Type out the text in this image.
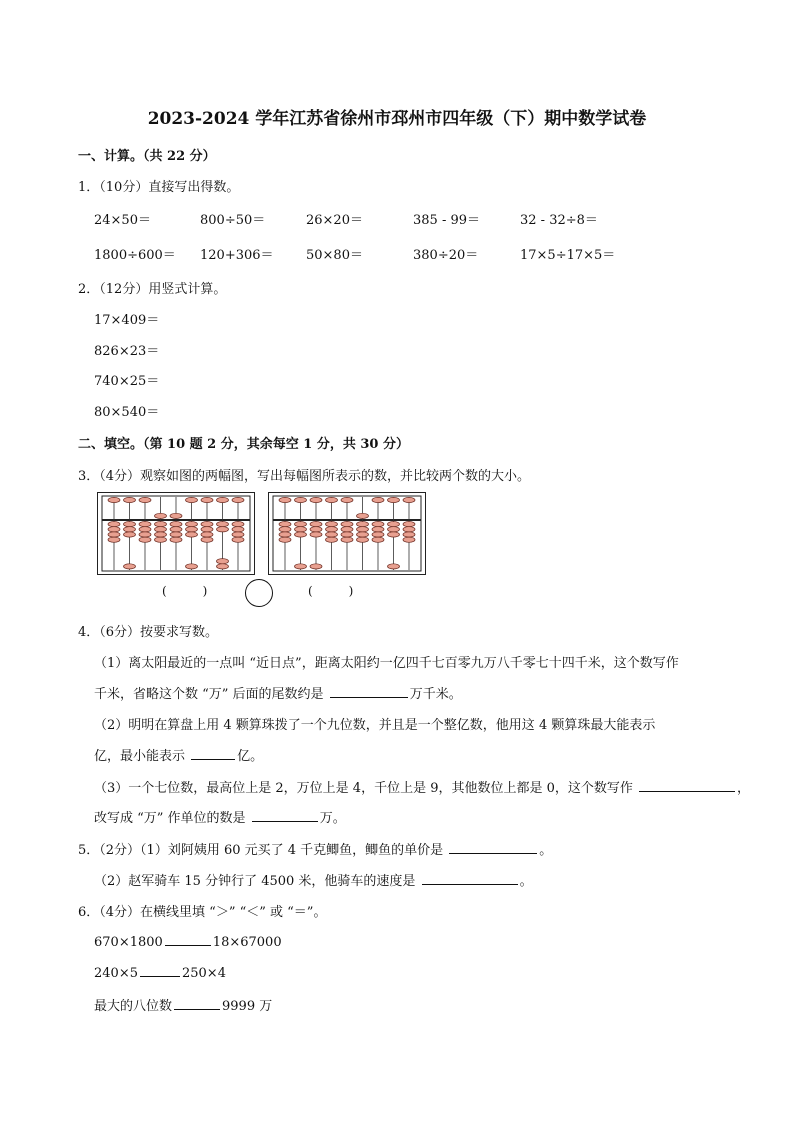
2023-2024 学年江苏省徐州市邳州市四年级（下）期中数学试卷
一、计算。（共 22 分）
1．（10分）直接写出得数。
24×50＝	800÷50＝	26×20＝	385 - 99＝	32 - 32÷8＝
1800÷600＝ 120+306＝ 50×80＝	380÷20＝	17×5÷17×5＝
2．（12分）用竖式计算。
17×409＝
826×23＝
740×25＝
80×540＝
二、填空。（第 10 题 2 分，其余每空 1 分，共 30 分）
3．（4分）观察如图的两幅图，写出每幅图所表示的数，并比较两个数的大小。
(　　　)	(　　　)
4．（6分）按要求写数。
（1）离太阳最近的一点叫 “近日点”，距离太阳约一亿四千七百零九万八千零七十四千米，这个数写作
千米，省略这个数 “万” 后面的尾数约是	万千米。
（2）明明在算盘上用 4 颗算珠拨了一个九位数，并且是一个整亿数，他用这 4 颗算珠最大能表示
亿，最小能表示	亿。
（3）一个七位数，最高位上是 2，万位上是 4，千位上是 9，其他数位上都是 0，这个数写作	，
改写成 “万” 作单位的数是	万。
5．（2分）（1）刘阿姨用 60 元买了 4 千克鲫鱼，鲫鱼的单价是	。
（2）赵军骑车 15 分钟行了 4500 米，他骑车的速度是	。
6．（4分）在横线里填 “＞” “＜” 或 “＝”。
670×1800	18×67000
240×5	250×4
最大的八位数	9999 万
